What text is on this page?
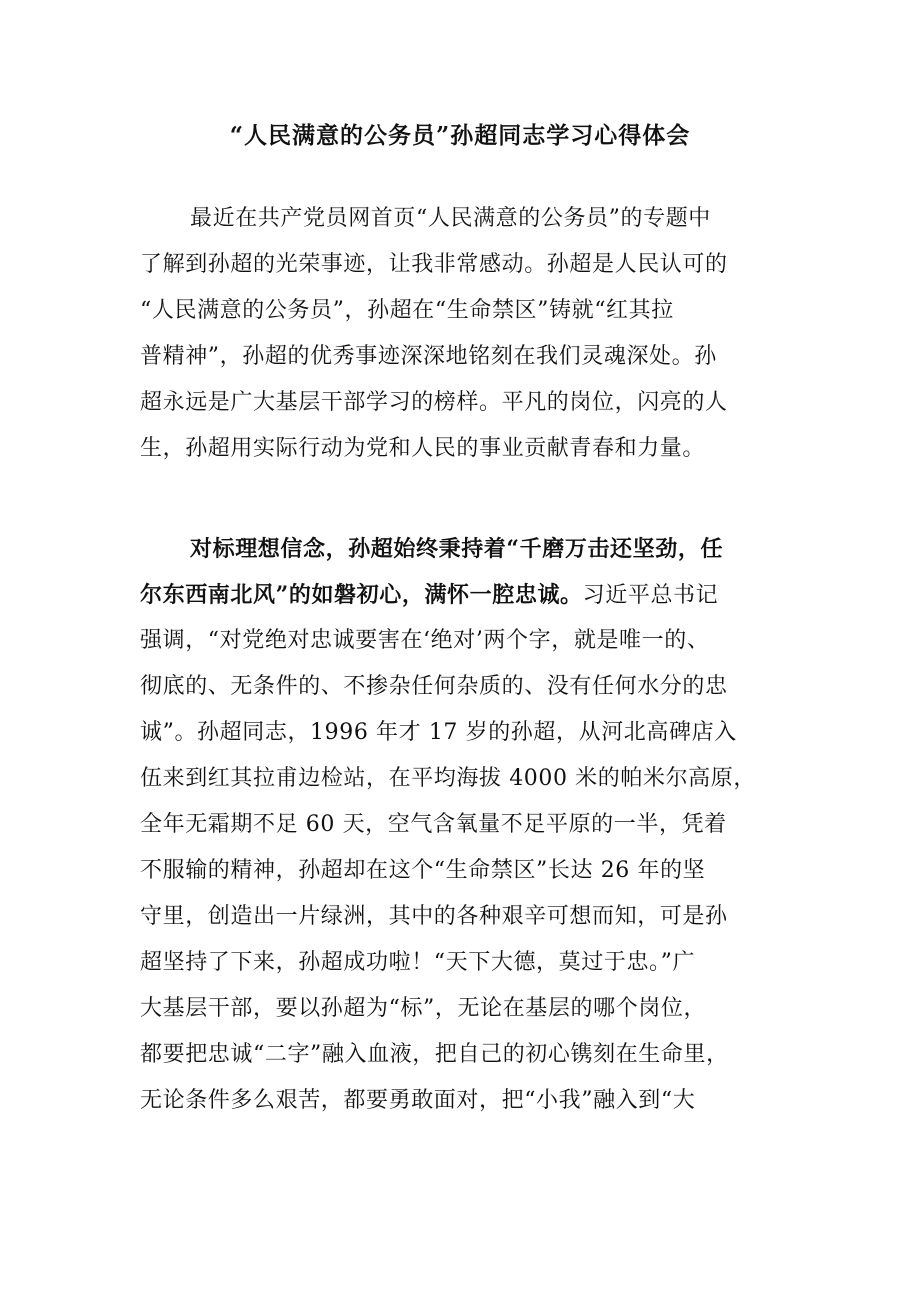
“人民满意的公务员”孙超同志学习心得体会
最近在共产党员网首页“人民满意的公务员”的专题中
了解到孙超的光荣事迹，让我非常感动。孙超是人民认可的
“人民满意的公务员”，孙超在“生命禁区”铸就“红其拉
普精神”，孙超的优秀事迹深深地铭刻在我们灵魂深处。孙
超永远是广大基层干部学习的榜样。平凡的岗位，闪亮的人
生，孙超用实际行动为党和人民的事业贡献青春和力量。
对标理想信念，孙超始终秉持着“千磨万击还坚劲，任
尔东西南北风”的如磐初心，满怀一腔忠诚。习近平总书记
强调，“对党绝对忠诚要害在‘绝对’两个字，就是唯一的、
彻底的、无条件的、不掺杂任何杂质的、没有任何水分的忠
诚”。孙超同志，1996 年才 17 岁的孙超，从河北高碑店入
伍来到红其拉甫边检站，在平均海拔 4000 米的帕米尔高原，
全年无霜期不足 60 天，空气含氧量不足平原的一半，凭着
不服输的精神，孙超却在这个“生命禁区”长达 26 年的坚
守里，创造出一片绿洲，其中的各种艰辛可想而知，可是孙
超坚持了下来，孙超成功啦！“天下大德，莫过于忠。”广
大基层干部，要以孙超为“标”，无论在基层的哪个岗位，
都要把忠诚“二字”融入血液，把自己的初心镌刻在生命里，
无论条件多么艰苦，都要勇敢面对，把“小我”融入到“大
